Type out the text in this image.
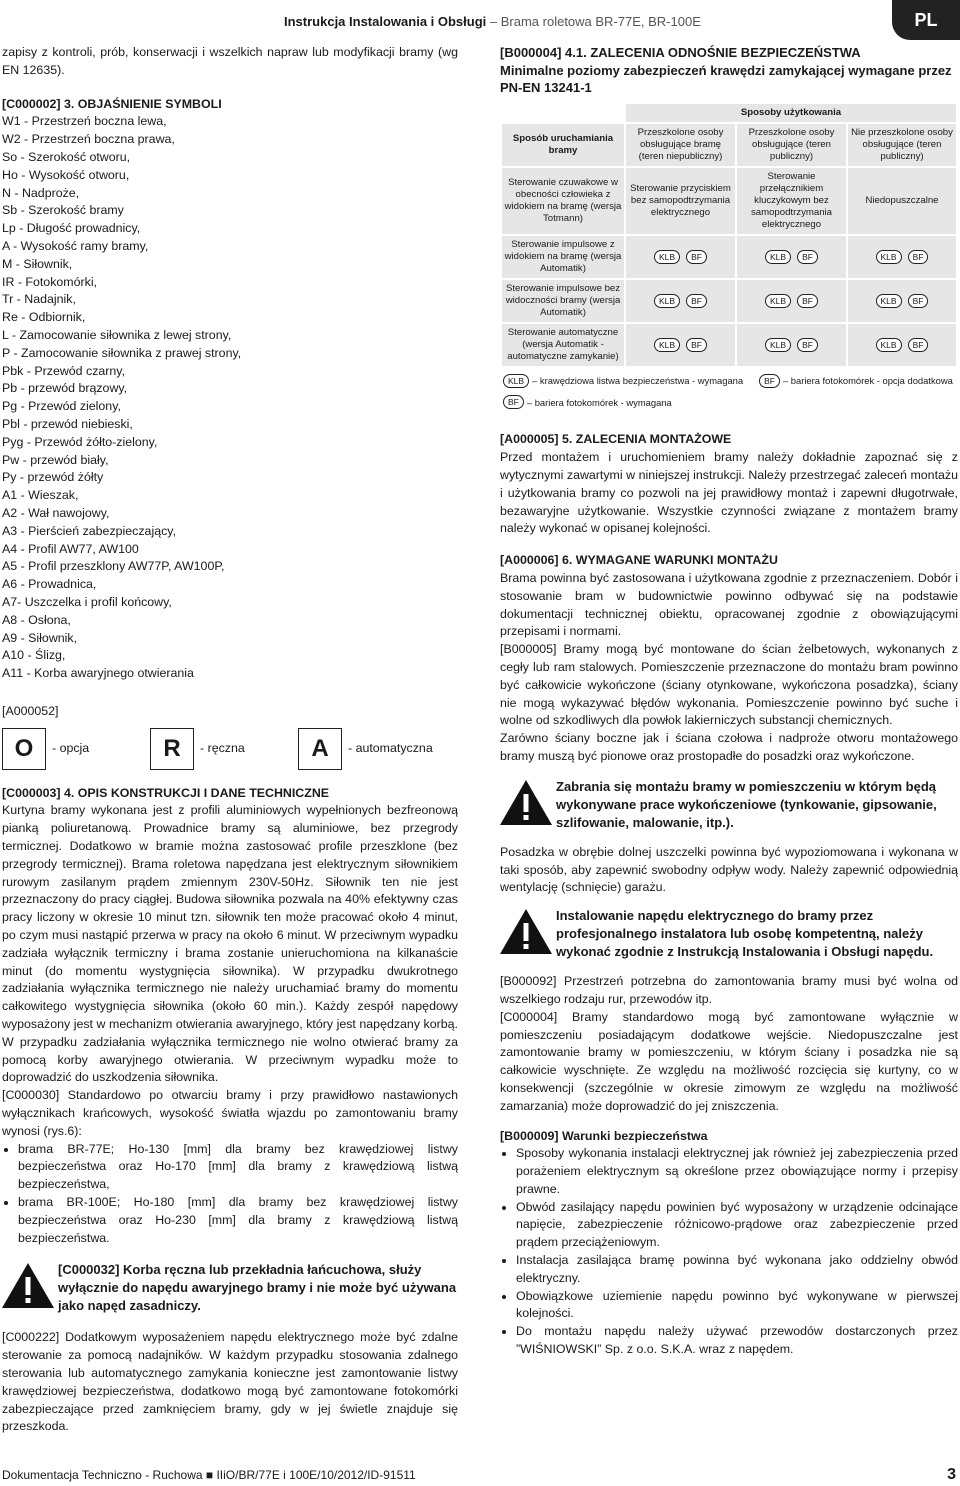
Instrukcja Instalowania i Obsługi – Brama roletowa BR-77E, BR-100E	PL

zapisy z kontroli, prób, konserwacji i wszelkich napraw lub modyfikacji bramy (wg EN 12635).

[C000002] 3. OBJAŚNIENIE SYMBOLI
W1 - Przestrzeń boczna lewa,
W2 - Przestrzeń boczna prawa,
So - Szerokość otworu,
Ho - Wysokość otworu,
N - Nadproże,
Sb - Szerokość bramy
Lp - Długość prowadnicy,
A - Wysokość ramy bramy,
M - Siłownik,
IR - Fotokomórki,
Tr - Nadajnik,
Re - Odbiornik,
L - Zamocowanie siłownika z lewej strony,
P - Zamocowanie siłownika z prawej strony,
Pbk - Przewód czarny,
Pb - przewód brązowy,
Pg - Przewód zielony,
Pbl - przewód niebieski,
Pyg - Przewód żółto-zielony,
Pw - przewód biały,
Py - przewód żółty
A1 - Wieszak,
A2 - Wał nawojowy,
A3 - Pierścień zabezpieczający,
A4 - Profil AW77, AW100
A5 - Profil przeszklony AW77P, AW100P,
A6 - Prowadnica,
A7- Uszczelka i profil końcowy,
A8 - Osłona,
A9 - Siłownik,
A10 - Ślizg,
A11 - Korba awaryjnego otwierania
[A000052]
O	- opcja	R	- ręczna	A	- automatyczna
[C000003] 4. OPIS KONSTRUKCJI I DANE TECHNICZNE

Kurtyna bramy wykonana jest z profili aluminiowych wypełnionych bezfreonową pianką poliuretanową. Prowadnice bramy są aluminiowe, bez przegrody termicznej. Dodatkowo w bramie można zastosować profile przeszklone (bez przegrody termicznej). Brama roletowa napędzana jest elektrycznym siłownikiem rurowym zasilanym prądem zmiennym 230V-50Hz. Siłownik ten nie jest przeznaczony do pracy ciągłej. Budowa siłownika pozwala na 40% efektywny czas pracy liczony w okresie 10 minut tzn. siłownik ten może pracować około 4 minut, po czym musi nastąpić przerwa w pracy na około 6 minut. W przeciwnym wypadku zadziała wyłącznik termiczny i brama zostanie unieruchomiona na kilkanaście minut (do momentu wystygnięcia siłownika). W przypadku dwukrotnego zadziałania wyłącznika termicznego nie należy uruchamiać bramy do momentu całkowitego wystygnięcia siłownika (około 60 min.). Każdy zespół napędowy wyposażony jest w mechanizm otwierania awaryjnego, który jest napędzany korbą. W przypadku zadziałania wyłącznika termicznego nie wolno otwierać bramy za pomocą korby awaryjnego otwierania. W przeciwnym wypadku może to doprowadzić do uszkodzenia siłownika.

[C000030] Standardowo po otwarciu bramy i przy prawidłowo nastawionych wyłącznikach krańcowych, wysokość światła wjazdu po zamontowaniu bramy wynosi (rys.6):

• brama BR-77E; Ho-130 [mm] dla bramy bez krawędziowej listwy bezpieczeństwa oraz Ho-170 [mm] dla bramy z krawędziową listwą bezpieczeństwa,
• brama BR-100E; Ho-180 [mm] dla bramy bez krawędziowej listwy bezpieczeństwa oraz Ho-230 [mm] dla bramy z krawędziową listwą bezpieczeństwa.
[C000032] Korba ręczna lub przekładnia łańcuchowa, służy wyłącznie do napędu awaryjnego bramy i nie może być używana jako napęd zasadniczy.

[C000222] Dodatkowym wyposażeniem napędu elektrycznego może być zdalne sterowanie za pomocą nadajników. W każdym przypadku stosowania zdalnego sterowania lub automatycznego zamykania konieczne jest zamontowanie listwy krawędziowej bezpieczeństwa, dodatkowo mogą być zamontowane fotokomórki zabezpieczające przed zamknięciem bramy, gdy w jej świetle znajduje się przeszkoda.

[B000004] 4.1. ZALECENIA ODNOŚNIE BEZPIECZEŃSTWA
Minimalne poziomy zabezpieczeń krawędzi zamykającej wymagane przez PN-EN 13241-1
	Sposoby użytkowania		
Sposób uruchamiania bramy	Przeszkolone osoby obsługujące bramę (teren niepubliczny)	Przeszkolone osoby obsługujące (teren publiczny)	Nie przeszkolone osoby obsługujące (teren publiczny)
Sterowanie czuwakowe w obecności człowieka z widokiem na bramę (wersja Totmann)	Sterowanie przyciskiem bez samopodtrzymania elektrycznego	Sterowanie przełącznikiem kluczykowym bez samopodtrzymania elektrycznego	Niedopuszczalne
Sterowanie impulsowe z widokiem na bramę (wersja Automatik)	KLB BF	KLB BF	KLB BF
Sterowanie impulsowe bez widoczności bramy (wersja Automatik)	KLB BF	KLB BF	KLB BF
Sterowanie automatyczne (wersja Automatik - automatyczne zamykanie)	KLB BF	KLB BF	KLB BF
KLB – krawędziowa listwa bezpieczeństwa - wymagana	BF – bariera fotokomórek - opcja dodatkowa
BF – bariera fotokomórek - wymagana
[A000005] 5. ZALECENIA MONTAŻOWE

Przed montażem i uruchomieniem bramy należy dokładnie zapoznać się z wytycznymi zawartymi w niniejszej instrukcji. Należy przestrzegać zaleceń montażu i użytkowania bramy co pozwoli na jej prawidłowy montaż i zapewni długotrwałe, bezawaryjne użytkowanie. Wszystkie czynności związane z montażem bramy należy wykonać w opisanej kolejności.

[A000006] 6. WYMAGANE WARUNKI MONTAŻU

Brama powinna być zastosowana i użytkowana zgodnie z przeznaczeniem. Dobór i stosowanie bram w budownictwie powinno odbywać się na podstawie dokumentacji technicznej obiektu, opracowanej zgodnie z obowiązującymi przepisami i normami.

[B000005] Bramy mogą być montowane do ścian żelbetowych, wykonanych z cegły lub ram stalowych. Pomieszczenie przeznaczone do montażu bram powinno być całkowicie wykończone (ściany otynkowane, wykończona posadzka), ściany nie mogą wykazywać błędów wykonania. Pomieszczenie powinno być suche i wolne od szkodliwych dla powłok lakierniczych substancji chemicznych.

Zarówno ściany boczne jak i ściana czołowa i nadproże otworu montażowego bramy muszą być pionowe oraz prostopadłe do posadzki oraz wykończone.

Zabrania się montażu bramy w pomieszczeniu w którym będą wykonywane prace wykończeniowe (tynkowanie, gipsowanie, szlifowanie, malowanie, itp.).

Posadzka w obrębie dolnej uszczelki powinna być wypoziomowana i wykonana w taki sposób, aby zapewnić swobodny odpływ wody. Należy zapewnić odpowiednią wentylację (schnięcie) garażu.

Instalowanie napędu elektrycznego do bramy przez profesjonalnego instalatora lub osobę kompetentną, należy wykonać zgodnie z Instrukcją Instalowania i Obsługi napędu.

[B000092] Przestrzeń potrzebna do zamontowania bramy musi być wolna od wszelkiego rodzaju rur, przewodów itp.

[C000004] Bramy standardowo mogą być zamontowane wyłącznie w pomieszczeniu posiadającym dodatkowe wejście. Niedopuszczalne jest zamontowanie bramy w pomieszczeniu, w którym ściany i posadzka nie są całkowicie wyschnięte. Ze względu na możliwość rozcięcia się kurtyny, co w konsekwencji (szczególnie w okresie zimowym ze względu na możliwość zamarzania) może doprowadzić do jej zniszczenia.

[B000009] Warunki bezpieczeństwa
• Sposoby wykonania instalacji elektrycznej jak również jej zabezpieczenia przed porażeniem elektrycznym są określone przez obowiązujące normy i przepisy prawne.
• Obwód zasilający napędu powinien być wyposażony w urządzenie odcinające napięcie, zabezpieczenie różnicowo-prądowe oraz zabezpieczenie przed prądem przeciążeniowym.
• Instalacja zasilająca bramę powinna być wykonana jako oddzielny obwód elektryczny.
• Obowiązkowe uziemienie napędu powinno być wykonywane w pierwszej kolejności.
• Do montażu napędu należy używać przewodów dostarczonych przez ”WIŚNIOWSKI” Sp. z o.o. S.K.A. wraz z napędem.
Dokumentacja Techniczno - Ruchowa ■ IIiO/BR/77E i 100E/10/2012/ID-91511	3
